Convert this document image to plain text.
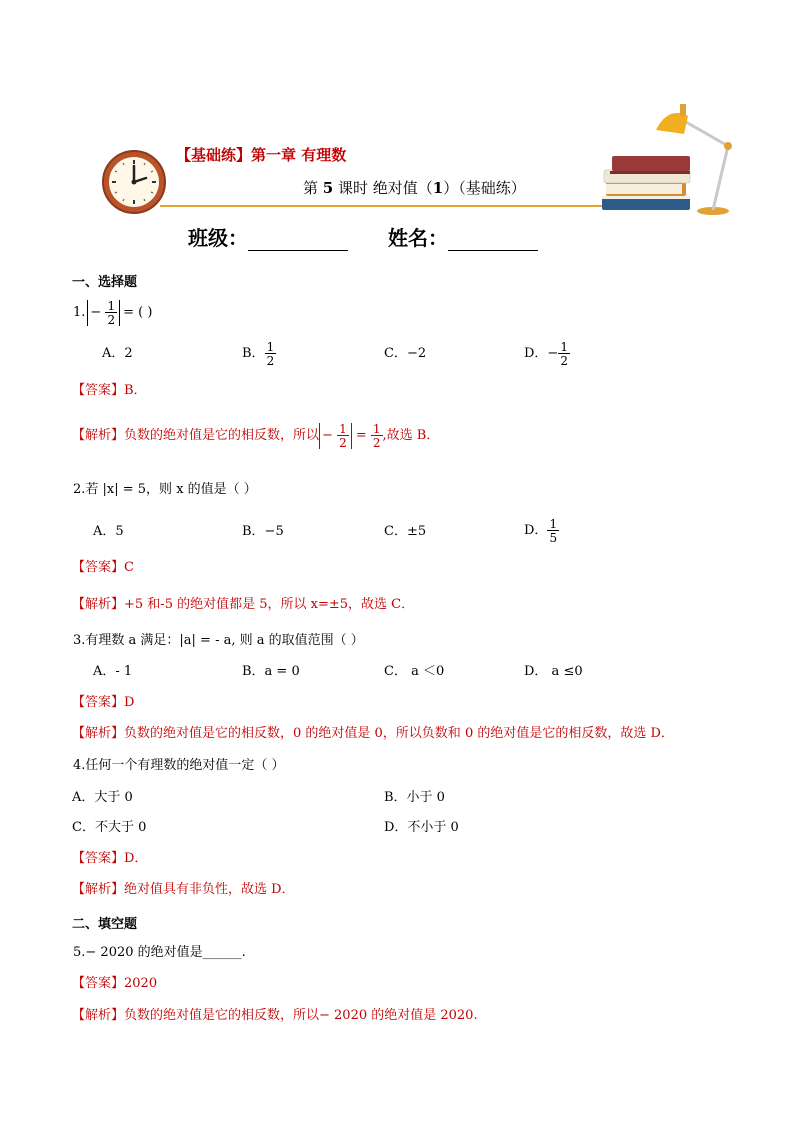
【基础练】第一章 有理数
第 5 课时 绝对值（1）（基础练）
班级：	姓名：
一、选择题
1. − $\frac{1}{2}$ = ( )
A．2	B． $\frac{1}{2}$	C．−2	D．− $\frac{1}{2}$
【答案】B．
【解析】负数的绝对值是它的相反数，所以 − $\frac{1}{2} = \frac{1}{2}$ ,故选 B．
2.若 |x| = 5，则 x 的值是（ ）
A．5	B．−5	C．±5	D． $\frac{1}{5}$
【答案】C
【解析】+5 和-5 的绝对值都是 5，所以 x=±5，故选 C．
3.有理数 a 满足：|a| = - a, 则 a 的取值范围（ ）
A．- 1	B．a = 0	C． a ＜0	D． a ≤0
【答案】D
【解析】负数的绝对值是它的相反数，0 的绝对值是 0，所以负数和 0 的绝对值是它的相反数，故选 D．
4.任何一个有理数的绝对值一定（ ）
A．大于 0	B．小于 0
C．不大于 0	D．不小于 0
【答案】D．
【解析】绝对值具有非负性，故选 D．
二、填空题
5.− 2020 的绝对值是______.
【答案】2020
【解析】负数的绝对值是它的相反数，所以− 2020 的绝对值是 2020.
